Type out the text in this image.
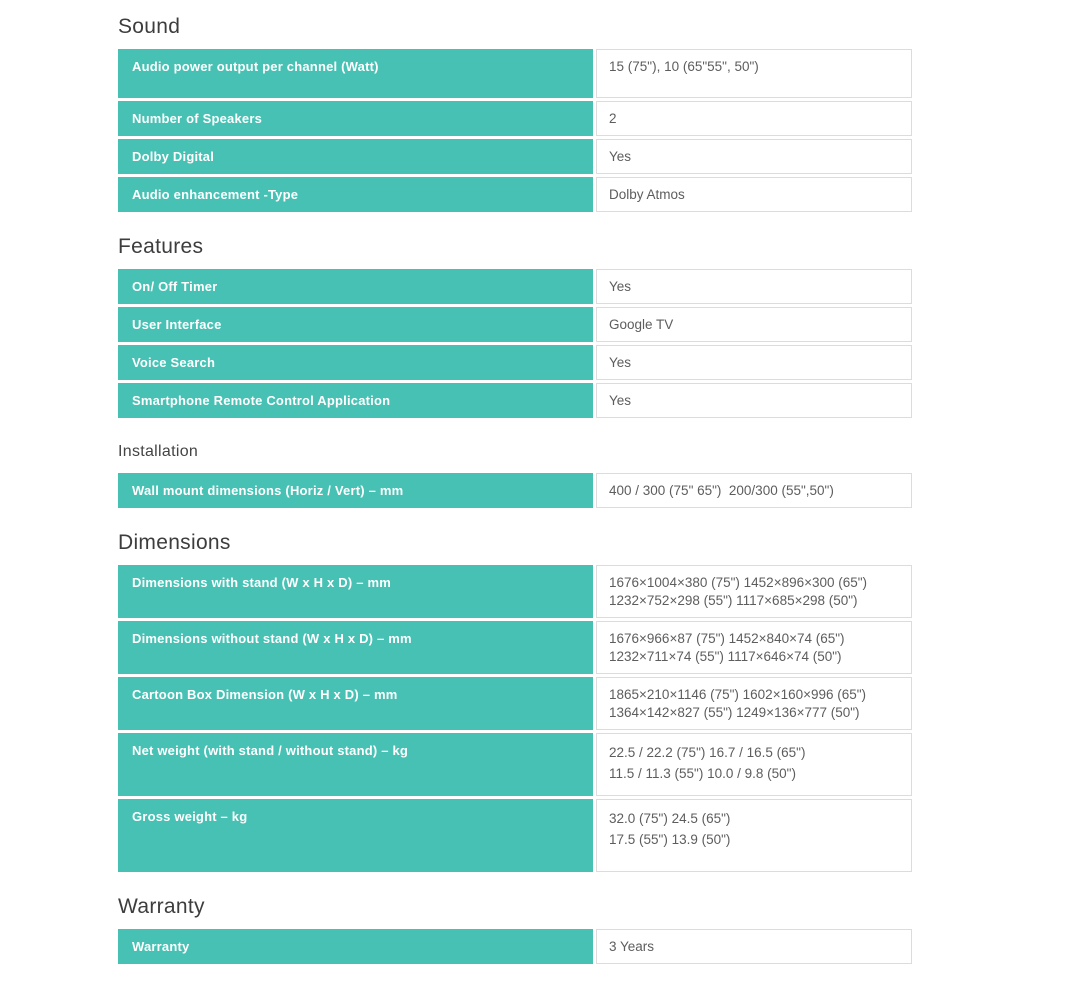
Sound
Audio power output per channel (Watt)	15 (75"), 10 (65"55", 50")
Number of Speakers	2
Dolby Digital	Yes
Audio enhancement -Type	Dolby Atmos
Features
On/ Off Timer	Yes
User Interface	Google TV
Voice Search	Yes
Smartphone Remote Control Application	Yes
Installation
Wall mount dimensions (Horiz / Vert) – mm	400 / 300 (75" 65")  200/300 (55",50")
Dimensions
Dimensions with stand (W x H x D) – mm	1676×1004×380 (75") 1452×896×300 (65")
1232×752×298 (55") 1117×685×298 (50")
Dimensions without stand (W x H x D) – mm	1676×966×87 (75") 1452×840×74 (65")
1232×711×74 (55") 1117×646×74 (50")
Cartoon Box Dimension (W x H x D) – mm	1865×210×1146 (75") 1602×160×996 (65")
1364×142×827 (55") 1249×136×777 (50")
Net weight (with stand / without stand) – kg	22.5 / 22.2 (75") 16.7 / 16.5 (65")
11.5 / 11.3 (55") 10.0 / 9.8 (50")
Gross weight – kg	32.0 (75") 24.5 (65")
17.5 (55") 13.9 (50")
Warranty
Warranty	3 Years
